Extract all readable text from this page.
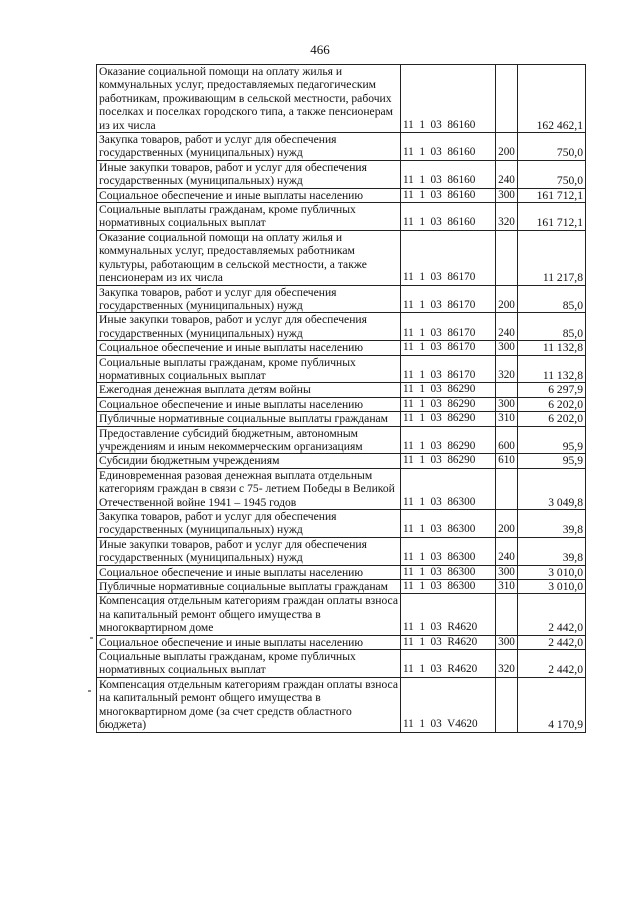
466
Оказание социальной помощи на оплату жилья и коммунальных услуг, предоставляемых педагогическим работникам, проживающим в сельской местности, рабочих поселках и поселках городского типа, а также пенсионерам из их числа	11  1  03  86160		162 462,1
Закупка товаров, работ и услуг для обеспечения государственных (муниципальных) нужд	11  1  03  86160	200	750,0
Иные закупки товаров, работ и услуг для обеспечения государственных (муниципальных) нужд	11  1  03  86160	240	750,0
Социальное обеспечение и иные выплаты населению	11  1  03  86160	300	161 712,1
Социальные выплаты гражданам, кроме публичных нормативных социальных выплат	11  1  03  86160	320	161 712,1
Оказание социальной помощи на оплату жилья и коммунальных услуг, предоставляемых работникам культуры, работающим в сельской местности, а также пенсионерам из их числа	11  1  03  86170		11 217,8
Закупка товаров, работ и услуг для обеспечения государственных (муниципальных) нужд	11  1  03  86170	200	85,0
Иные закупки товаров, работ и услуг для обеспечения государственных (муниципальных) нужд	11  1  03  86170	240	85,0
Социальное обеспечение и иные выплаты населению	11  1  03  86170	300	11 132,8
Социальные выплаты гражданам, кроме публичных нормативных социальных выплат	11  1  03  86170	320	11 132,8
Ежегодная денежная выплата детям войны	11  1  03  86290		6 297,9
Социальное обеспечение и иные выплаты населению	11  1  03  86290	300	6 202,0
Публичные нормативные социальные выплаты гражданам	11  1  03  86290	310	6 202,0
Предоставление субсидий бюджетным, автономным учреждениям и иным некоммерческим организациям	11  1  03  86290	600	95,9
Субсидии бюджетным учреждениям	11  1  03  86290	610	95,9
Единовременная разовая денежная выплата отдельным категориям граждан в связи с 75- летием Победы в Великой Отечественной войне 1941 – 1945 годов	11  1  03  86300		3 049,8
Закупка товаров, работ и услуг для обеспечения государственных (муниципальных) нужд	11  1  03  86300	200	39,8
Иные закупки товаров, работ и услуг для обеспечения государственных (муниципальных) нужд	11  1  03  86300	240	39,8
Социальное обеспечение и иные выплаты населению	11  1  03  86300	300	3 010,0
Публичные нормативные социальные выплаты гражданам	11  1  03  86300	310	3 010,0
Компенсация отдельным категориям граждан оплаты взноса на капитальный ремонт общего имущества в многоквартирном доме	11  1  03  R4620		2 442,0
Социальное обеспечение и иные выплаты населению	11  1  03  R4620	300	2 442,0
Социальные выплаты гражданам, кроме публичных нормативных социальных выплат	11  1  03  R4620	320	2 442,0
Компенсация отдельным категориям граждан оплаты взноса на капитальный ремонт общего имущества в многоквартирном доме (за счет средств областного бюджета)	11  1  03  V4620		4 170,9
